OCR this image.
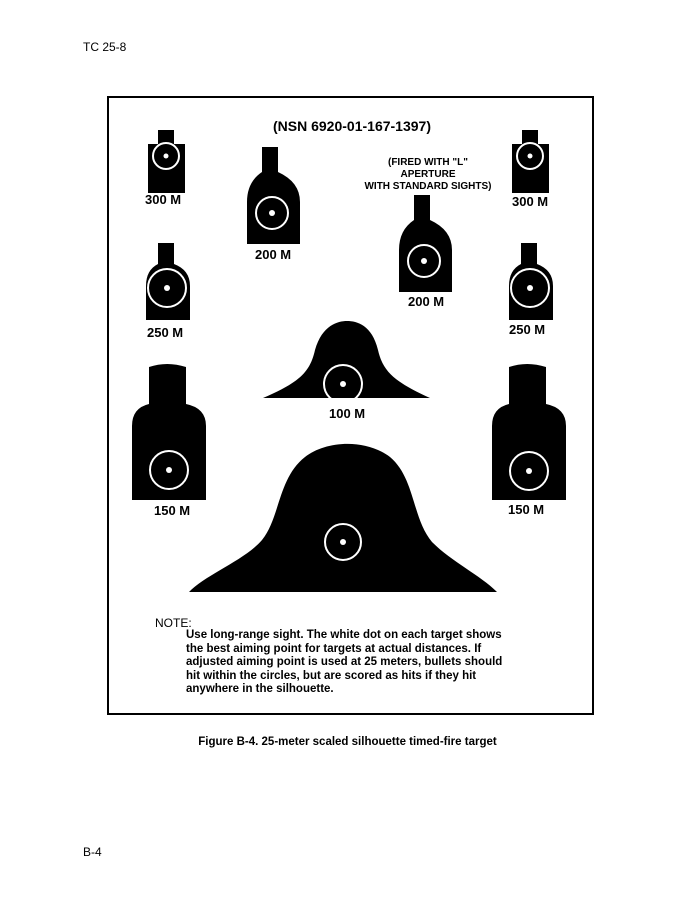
TC 25-8
(NSN 6920-01-167-1397)
(FIRED WITH "L" APERTURE
WITH STANDARD SIGHTS)
300 M	300 M
200 M
200 M
250 M	250 M
100 M
150 M	150 M
NOTE:
Use long-range sight. The white dot on each target shows the best aiming point for targets at actual distances. If adjusted aiming point is used at 25 meters, bullets should hit within the circles, but are scored as hits if they hit anywhere in the silhouette.
Figure B-4. 25-meter scaled silhouette timed-fire target
B-4
